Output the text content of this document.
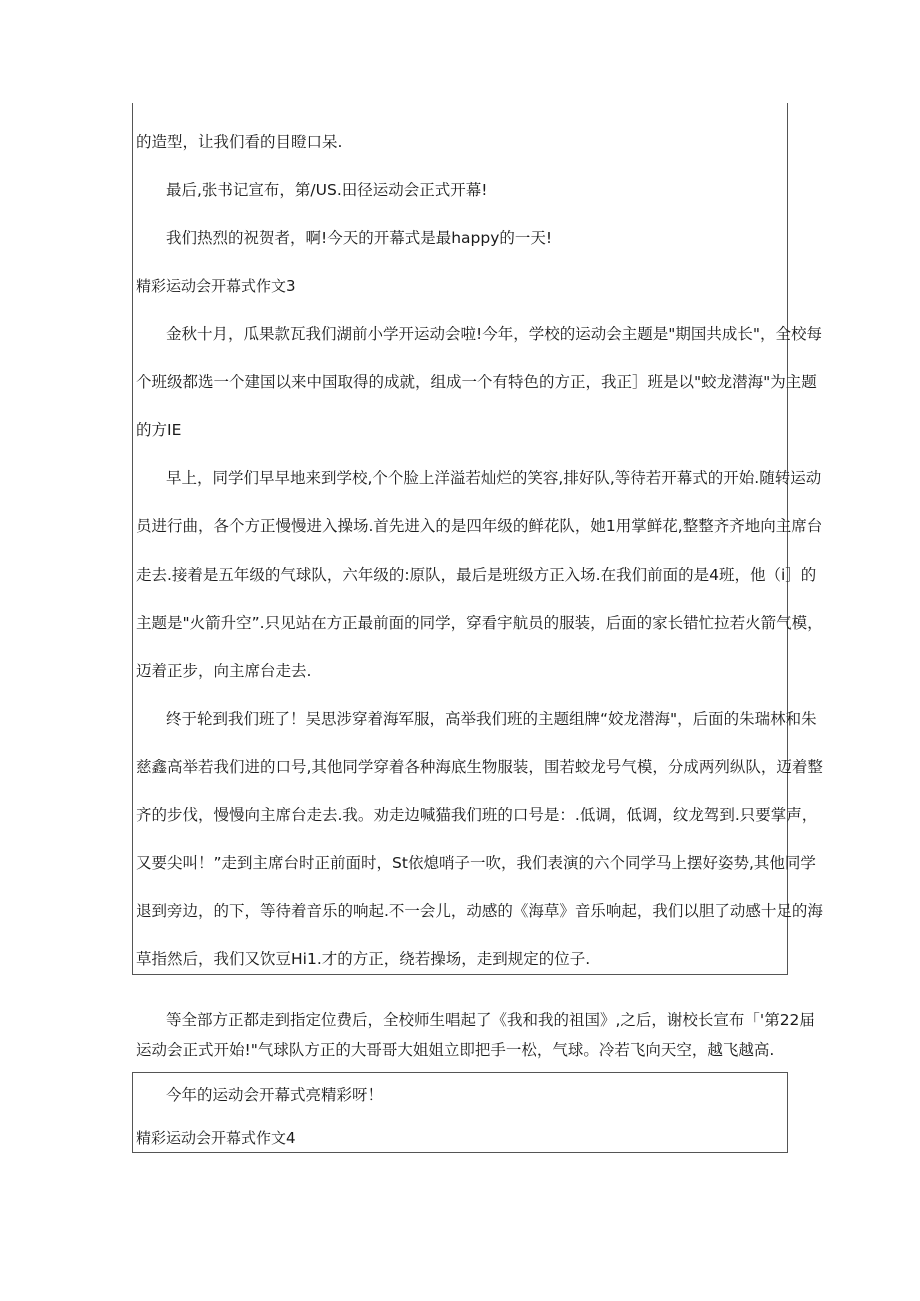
的造型，让我们看的目瞪口呆.
最后,张书记宣布，第/US.田径运动会正式开幕!
我们热烈的祝贺者，啊!今天的开幕式是最happy的一天!
精彩运动会开幕式作文3
金秋十月，瓜果款瓦我们湖前小学开运动会啦!今年，学校的运动会主题是"期国共成长"，全校每
个班级都选一个建国以来中国取得的成就，组成一个有特色的方正，我正］班是以"蛟龙潜海"为主题
的方IE
早上，同学们早早地来到学校,个个脸上洋溢若灿烂的笑容,排好队,等待若开幕式的开始.随转运动
员进行曲，各个方正慢慢进入操场.首先进入的是四年级的鲜花队，她1用掌鲜花,整整齐齐地向主席台
走去.接着是五年级的气球队，六年级的:原队，最后是班级方正入场.在我们前面的是4班，他（i］的
主题是"火箭升空”.只见站在方正最前面的同学，穿看宇航员的服装，后面的家长错忙拉若火箭气模，
迈着正步，向主席台走去.
终于轮到我们班了！吴思涉穿着海军服，高举我们班的主题组牌“姣龙潜海"，后面的朱瑞林和朱
慈鑫高举若我们进的口号,其他同学穿着各种海底生物服装，围若蛟龙号气模，分成两列纵队，迈着整
齐的步伐，慢慢向主席台走去.我。劝走边喊猫我们班的口号是：.低调，低调，纹龙驾到.只要掌声，
又要尖叫！”走到主席台时正前面时，St依熄哨子一吹，我们表演的六个同学马上摆好姿势,其他同学
退到旁边，的下，等待着音乐的响起.不一会儿，动感的《海草》音乐响起，我们以胆了动感十足的海
草指然后，我们又饮豆Hi1.才的方正，绕若操场，走到规定的位子.
等全部方正都走到指定位费后，全校师生唱起了《我和我的祖国》,之后，谢校长宣布「'第22届
运动会正式开始!"气球队方正的大哥哥大姐姐立即把手一松，气球。冷若飞向天空，越飞越高.
今年的运动会开幕式亮精彩呀！
精彩运动会开幕式作文4
